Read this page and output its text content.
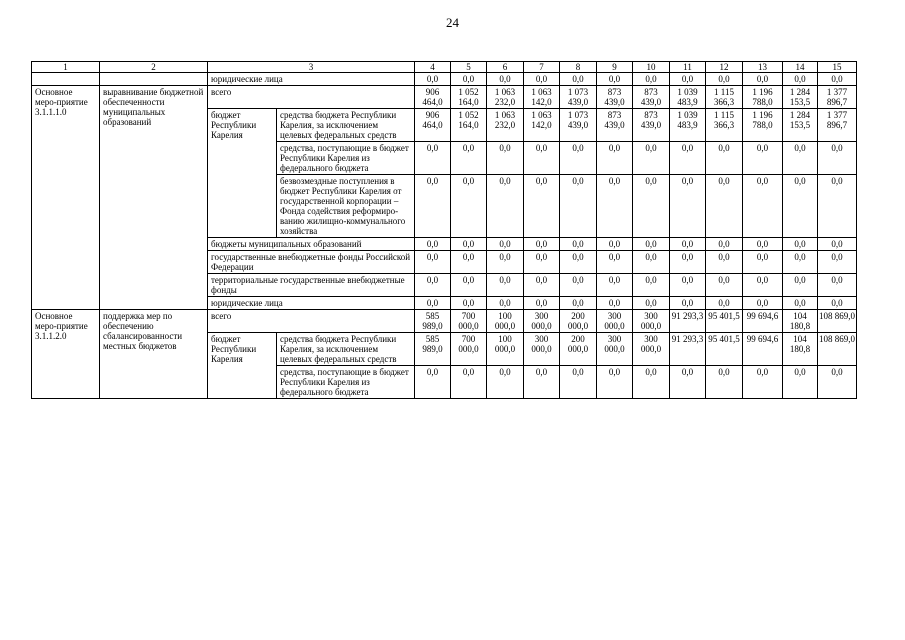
24
1	2	3		4	5	6	7	8	9	10	11	12	13	14	15
		юридические лица		0,0	0,0	0,0	0,0	0,0	0,0	0,0	0,0	0,0	0,0	0,0	0,0
Основное меро-приятие 3.1.1.1.0	выравнивание бюджетной обеспеченности муниципальных образований	всего		906 464,0	1 052 164,0	1 063 232,0	1 063 142,0	1 073 439,0	873 439,0	873 439,0	1 039 483,9	1 115 366,3	1 196 788,0	1 284 153,5	1 377 896,7
		бюджет Республики Карелия	средства бюджета Республики Карелия, за исключением целевых федеральных средств	906 464,0	1 052 164,0	1 063 232,0	1 063 142,0	1 073 439,0	873 439,0	873 439,0	1 039 483,9	1 115 366,3	1 196 788,0	1 284 153,5	1 377 896,7
			средства, поступающие в бюджет Республики Карелия из федерального бюджета	0,0	0,0	0,0	0,0	0,0	0,0	0,0	0,0	0,0	0,0	0,0	0,0
			безвозмездные поступления в бюджет Республики Карелия от государственной корпорации – Фонда содействия реформиро-ванию жилищно-коммунального хозяйства	0,0	0,0	0,0	0,0	0,0	0,0	0,0	0,0	0,0	0,0	0,0	0,0
		бюджеты муниципальных образований		0,0	0,0	0,0	0,0	0,0	0,0	0,0	0,0	0,0	0,0	0,0	0,0
		государственные внебюджетные фонды Российской Федерации		0,0	0,0	0,0	0,0	0,0	0,0	0,0	0,0	0,0	0,0	0,0	0,0
		территориальные государственные внебюджетные фонды		0,0	0,0	0,0	0,0	0,0	0,0	0,0	0,0	0,0	0,0	0,0	0,0
		юридические лица		0,0	0,0	0,0	0,0	0,0	0,0	0,0	0,0	0,0	0,0	0,0	0,0
Основное меро-приятие 3.1.1.2.0	поддержка мер по обеспечению сбалансированности местных бюджетов	всего		585 989,0	700 000,0	100 000,0	300 000,0	200 000,0	300 000,0	300 000,0	91 293,3	95 401,5	99 694,6	104 180,8	108 869,0
		бюджет Республики Карелия	средства бюджета Республики Карелия, за исключением целевых федеральных средств	585 989,0	700 000,0	100 000,0	300 000,0	200 000,0	300 000,0	300 000,0	91 293,3	95 401,5	99 694,6	104 180,8	108 869,0
			средства, поступающие в бюджет Республики Карелия из федерального бюджета	0,0	0,0	0,0	0,0	0,0	0,0	0,0	0,0	0,0	0,0	0,0	0,0
